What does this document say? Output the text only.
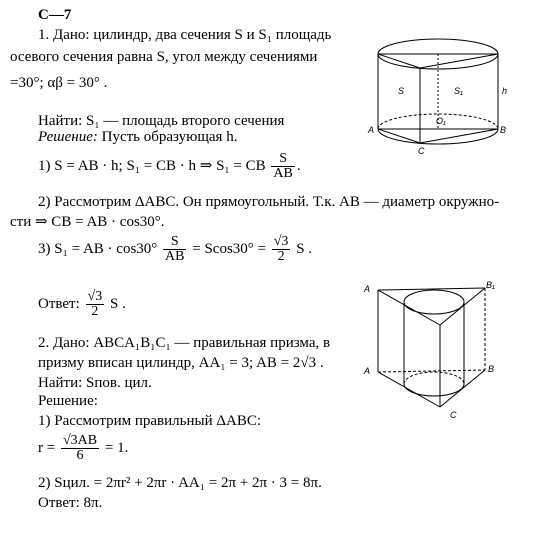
С—7
1. Дано: цилиндр, два сечения S и S₁ площадь
осевого сечения равна S, угол между сечениями
=30°; αβ = 30° .
Найти: S₁ — площадь второго сечения
Решение: Пусть образующая h.
1) S = AB · h; S₁ = CB · h ⇒ S₁ = CB $\frac{S}{AB}$ .
2) Рассмотрим ΔABC. Он прямоугольный. Т.к. AB — диаметр окружно-
сти ⇒ CB = AB · cos30°.
3) S₁ = AB · $\cos 30^\circ \frac{S}{AB} = Scos30^\circ = \frac{√3}{2}$ S .
Ответ: $\frac{√3}{2}$ S .
2. Дано: ABCA₁B₁C₁ — правильная призма, в
призму вписан цилиндр, AA₁ = 3; AB = 2√3 .
Найти: Sпов. цил.
Решение:
1) Рассмотрим правильный ΔABC:
$r = \frac{√3AB}{6} = 1$.
2) Sцил. = 2πr² + 2πr · AA₁ = 2π + 2π · 3 = 8π.
Ответ: 8π.
S	S₁	h
A	B
C
O₁
A	B₁
A	B
C
